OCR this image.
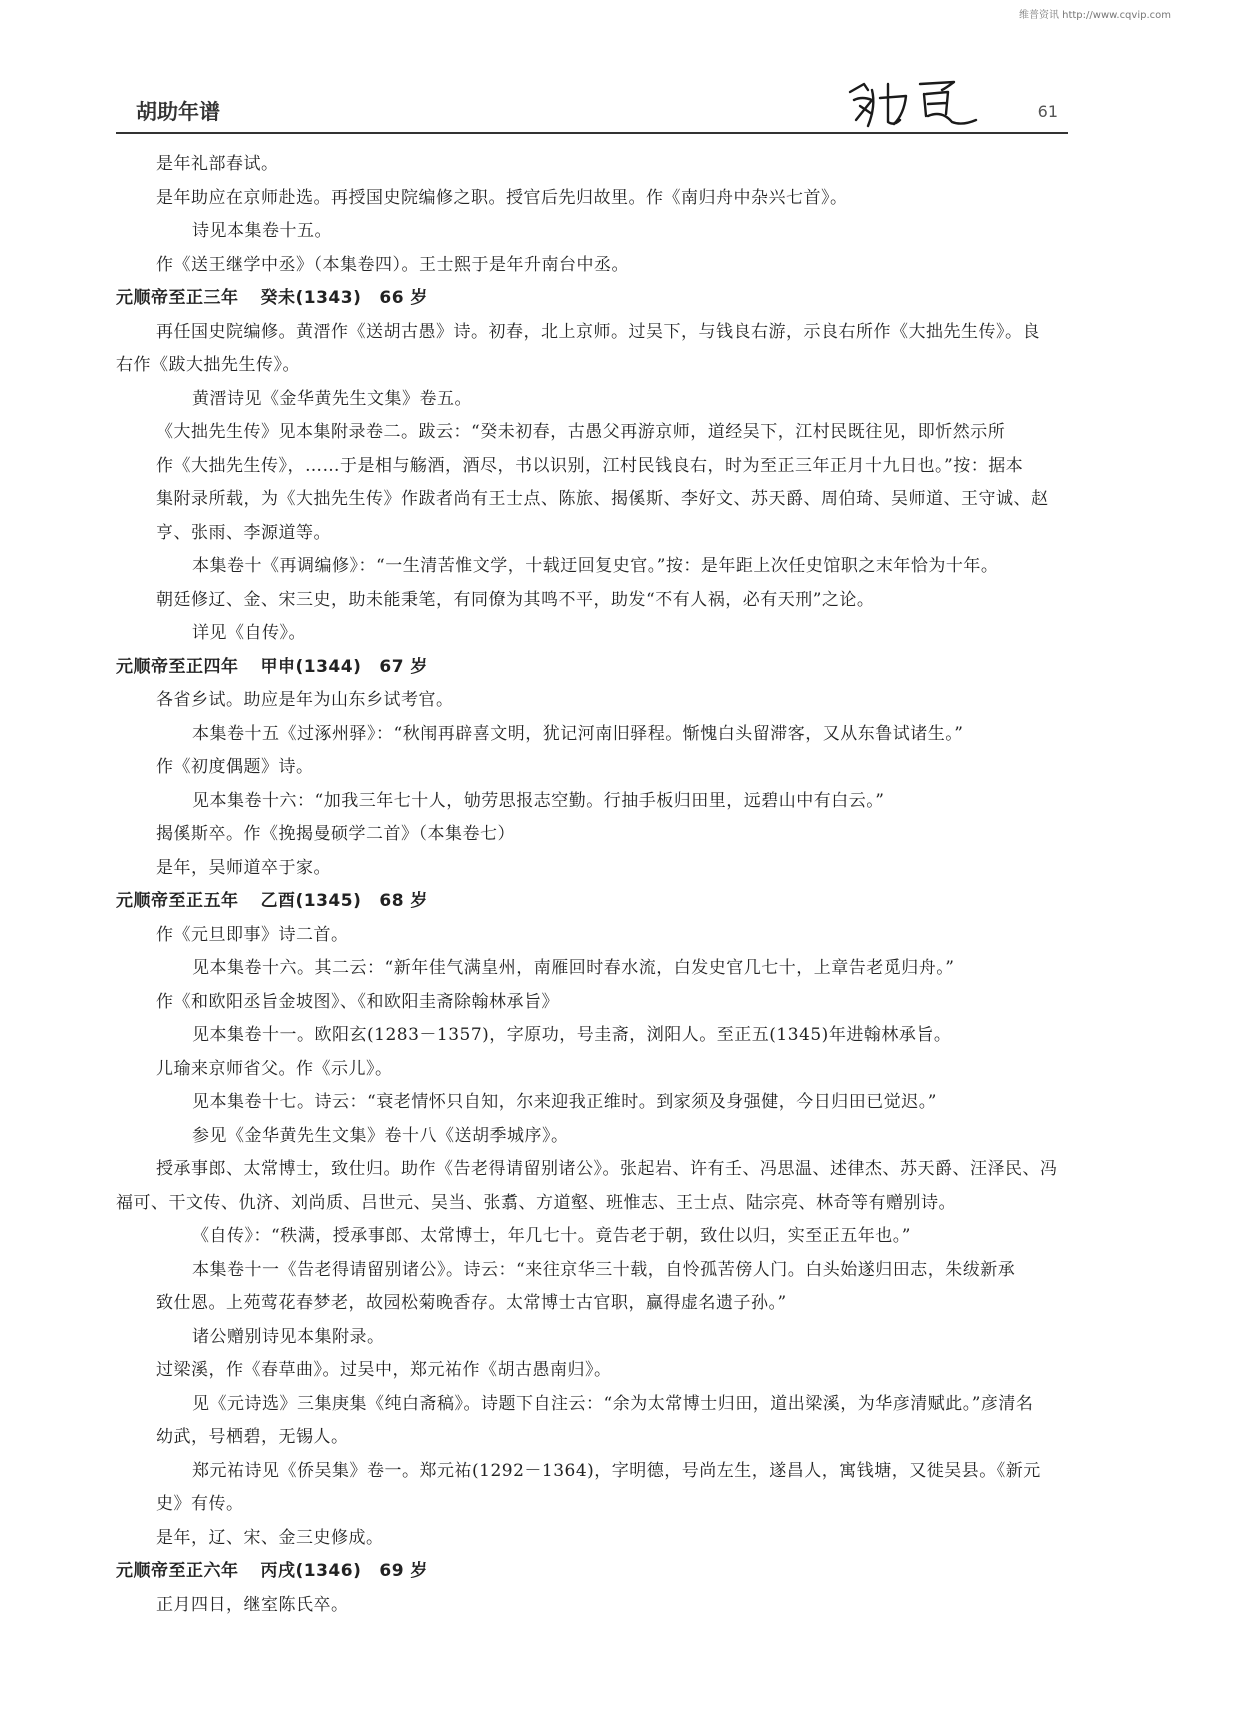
维普资讯 http://www.cqvip.com
胡助年谱	61
是年礼部春试。
是年助应在京师赴选。再授国史院编修之职。授官后先归故里。作《南归舟中杂兴七首》。
诗见本集卷十五。
作《送王继学中丞》（本集卷四）。王士熙于是年升南台中丞。
元顺帝至正三年 癸未(1343) 66 岁
再任国史院编修。黄溍作《送胡古愚》诗。初春，北上京师。过吴下，与钱良右游，示良右所作《大拙先生传》。良
右作《跋大拙先生传》。
黄溍诗见《金华黄先生文集》卷五。
《大拙先生传》见本集附录卷二。跋云：“癸未初春，古愚父再游京师，道经吴下，江村民既往见，即忻然示所
作《大拙先生传》，……于是相与觞酒，酒尽，书以识别，江村民钱良右，时为至正三年正月十九日也。”按：据本
集附录所载，为《大拙先生传》作跋者尚有王士点、陈旅、揭傒斯、李好文、苏天爵、周伯琦、吴师道、王守诚、赵
亨、张雨、李源道等。
本集卷十《再调编修》：“一生清苦惟文学，十载迂回复史官。”按：是年距上次任史馆职之末年恰为十年。
朝廷修辽、金、宋三史，助未能秉笔，有同僚为其鸣不平，助发“不有人祸，必有天刑”之论。
详见《自传》。
元顺帝至正四年 甲申(1344) 67 岁
各省乡试。助应是年为山东乡试考官。
本集卷十五《过涿州驿》：“秋闱再辟喜文明，犹记河南旧驿程。惭愧白头留滞客，又从东鲁试诸生。”
作《初度偶题》诗。
见本集卷十六：“加我三年七十人，劬劳思报志空勤。行抽手板归田里，远碧山中有白云。”
揭傒斯卒。作《挽揭曼硕学二首》（本集卷七）
是年，吴师道卒于家。
元顺帝至正五年 乙酉(1345) 68 岁
作《元旦即事》诗二首。
见本集卷十六。其二云：“新年佳气满皇州，南雁回时春水流，白发史官几七十，上章告老觅归舟。”
作《和欧阳丞旨金坡图》、《和欧阳圭斋除翰林承旨》
见本集卷十一。欧阳玄(1283－1357)，字原功，号圭斋，浏阳人。至正五(1345)年进翰林承旨。
儿瑜来京师省父。作《示儿》。
见本集卷十七。诗云：“衰老情怀只自知，尔来迎我正维时。到家须及身强健，今日归田已觉迟。”
参见《金华黄先生文集》卷十八《送胡季城序》。
授承事郎、太常博士，致仕归。助作《告老得请留别诸公》。张起岩、许有壬、冯思温、述律杰、苏天爵、汪泽民、冯
福可、干文传、仇济、刘尚质、吕世元、吴当、张翥、方道壑、班惟志、王士点、陆宗亮、林奇等有赠别诗。
《自传》：“秩满，授承事郎、太常博士，年几七十。竟告老于朝，致仕以归，实至正五年也。”
本集卷十一《告老得请留别诸公》。诗云：“来往京华三十载，自怜孤苦傍人门。白头始遂归田志，朱绂新承
致仕恩。上苑莺花春梦老，故园松菊晚香存。太常博士古官职，赢得虚名遗子孙。”
诸公赠别诗见本集附录。
过梁溪，作《春草曲》。过吴中，郑元祐作《胡古愚南归》。
见《元诗选》三集庚集《纯白斋稿》。诗题下自注云：“余为太常博士归田，道出梁溪，为华彦清赋此。”彦清名
幼武，号栖碧，无锡人。
郑元祐诗见《侨吴集》卷一。郑元祐(1292－1364)，字明德，号尚左生，遂昌人，寓钱塘，又徙吴县。《新元
史》有传。
是年，辽、宋、金三史修成。
元顺帝至正六年 丙戌(1346) 69 岁
正月四日，继室陈氏卒。
